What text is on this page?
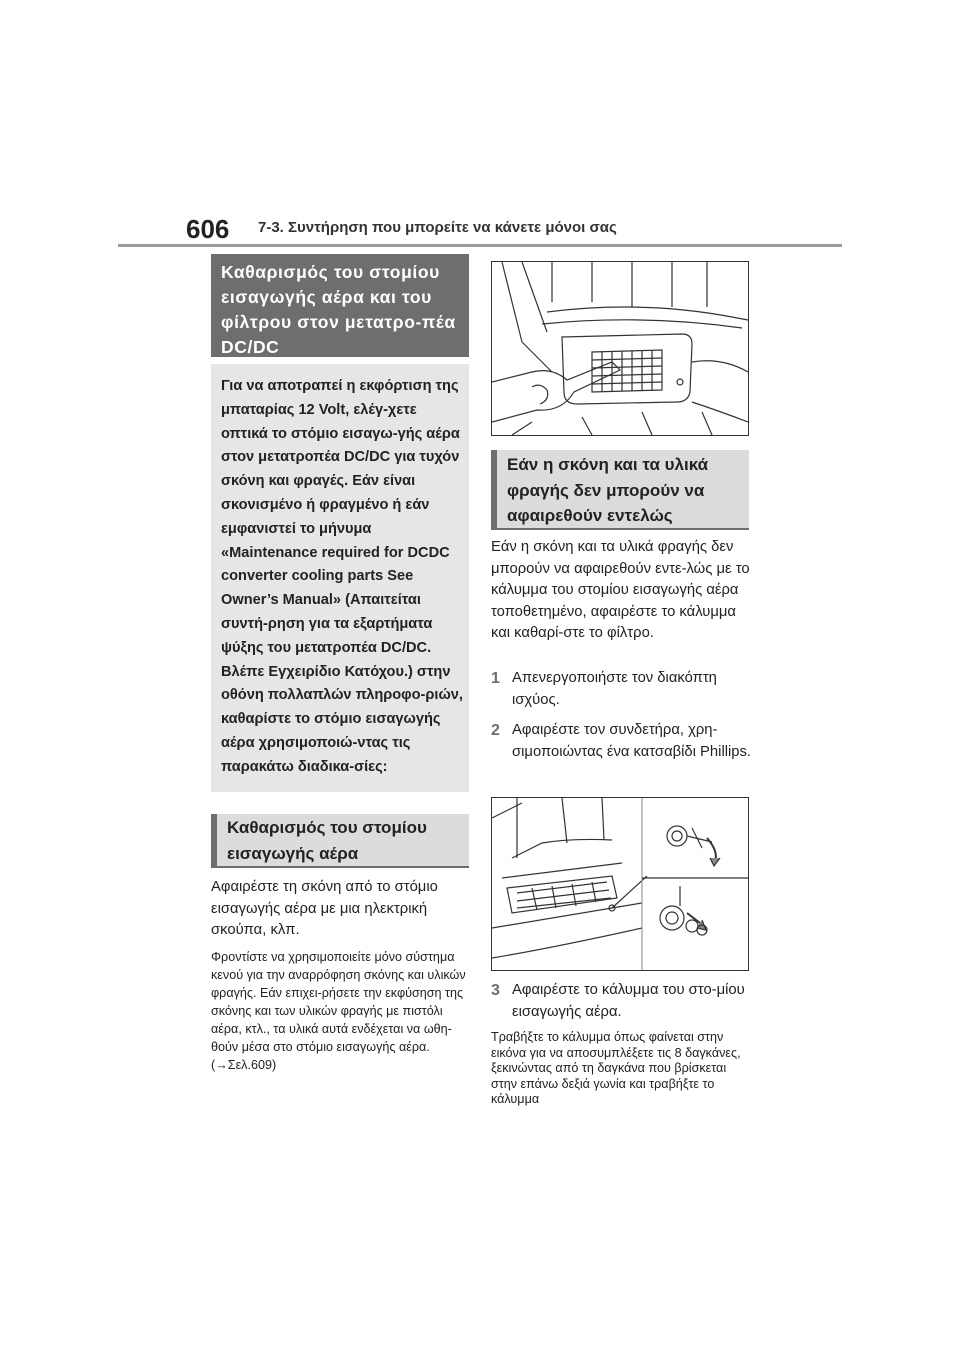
606 7-3. Συντήρηση που μπορείτε να κάνετε μόνοι σας
Καθαρισμός του στομίου εισαγωγής αέρα και του φίλτρου στον μετατρο-πέα DC/DC
Για να αποτραπεί η εκφόρτιση της μπαταρίας 12 Volt, ελέγ-χετε οπτικά το στόμιο εισαγω-γής αέρα στον μετατροπέα DC/DC για τυχόν σκόνη και φραγές. Εάν είναι σκονισμένο ή φραγμένο ή εάν εμφανιστεί το μήνυμα «Maintenance required for DCDC converter cooling parts See Owner’s Manual» (Απαιτείται συντή-ρηση για τα εξαρτήματα ψύξης του μετατροπέα DC/DC. Βλέπε Εγχειρίδιο Κατόχου.) στην οθόνη πολλαπλών πληροφο-ριών, καθαρίστε το στόμιο εισαγωγής αέρα χρησιμοποιώ-ντας τις παρακάτω διαδικα-σίες:
Καθαρισμός του στομίου εισαγωγής αέρα
Αφαιρέστε τη σκόνη από το στόμιο εισαγωγής αέρα με μια ηλεκτρική σκούπα, κλπ.
Φροντίστε να χρησιμοποιείτε μόνο σύστημα κενού για την αναρρόφηση σκόνης και υλικών φραγής. Εάν επιχει-ρήσετε την εκφύσηση της σκόνης και των υλικών φραγής με πιστόλι αέρα, κτλ., τα υλικά αυτά ενδέχεται να ωθη-θούν μέσα στο στόμιο εισαγωγής αέρα. (→Σελ.609)
Εάν η σκόνη και τα υλικά φραγής δεν μπορούν να αφαιρεθούν εντελώς
Εάν η σκόνη και τα υλικά φραγής δεν μπορούν να αφαιρεθούν εντε-λώς με το κάλυμμα του στομίου εισαγωγής αέρα τοποθετημένο, αφαιρέστε το κάλυμμα και καθαρί-στε το φίλτρο.
1 Απενεργοποιήστε τον διακόπτη ισχύος.
2 Αφαιρέστε τον συνδετήρα, χρη-σιμοποιώντας ένα κατσαβίδι Phillips.
3 Αφαιρέστε το κάλυμμα του στο-μίου εισαγωγής αέρα.
Τραβήξτε το κάλυμμα όπως φαίνεται στην εικόνα για να αποσυμπλέξετε τις 8 δαγκάνες, ξεκινώντας από τη δαγκάνα που βρίσκεται στην επάνω δεξιά γωνία και τραβήξτε το κάλυμμα
